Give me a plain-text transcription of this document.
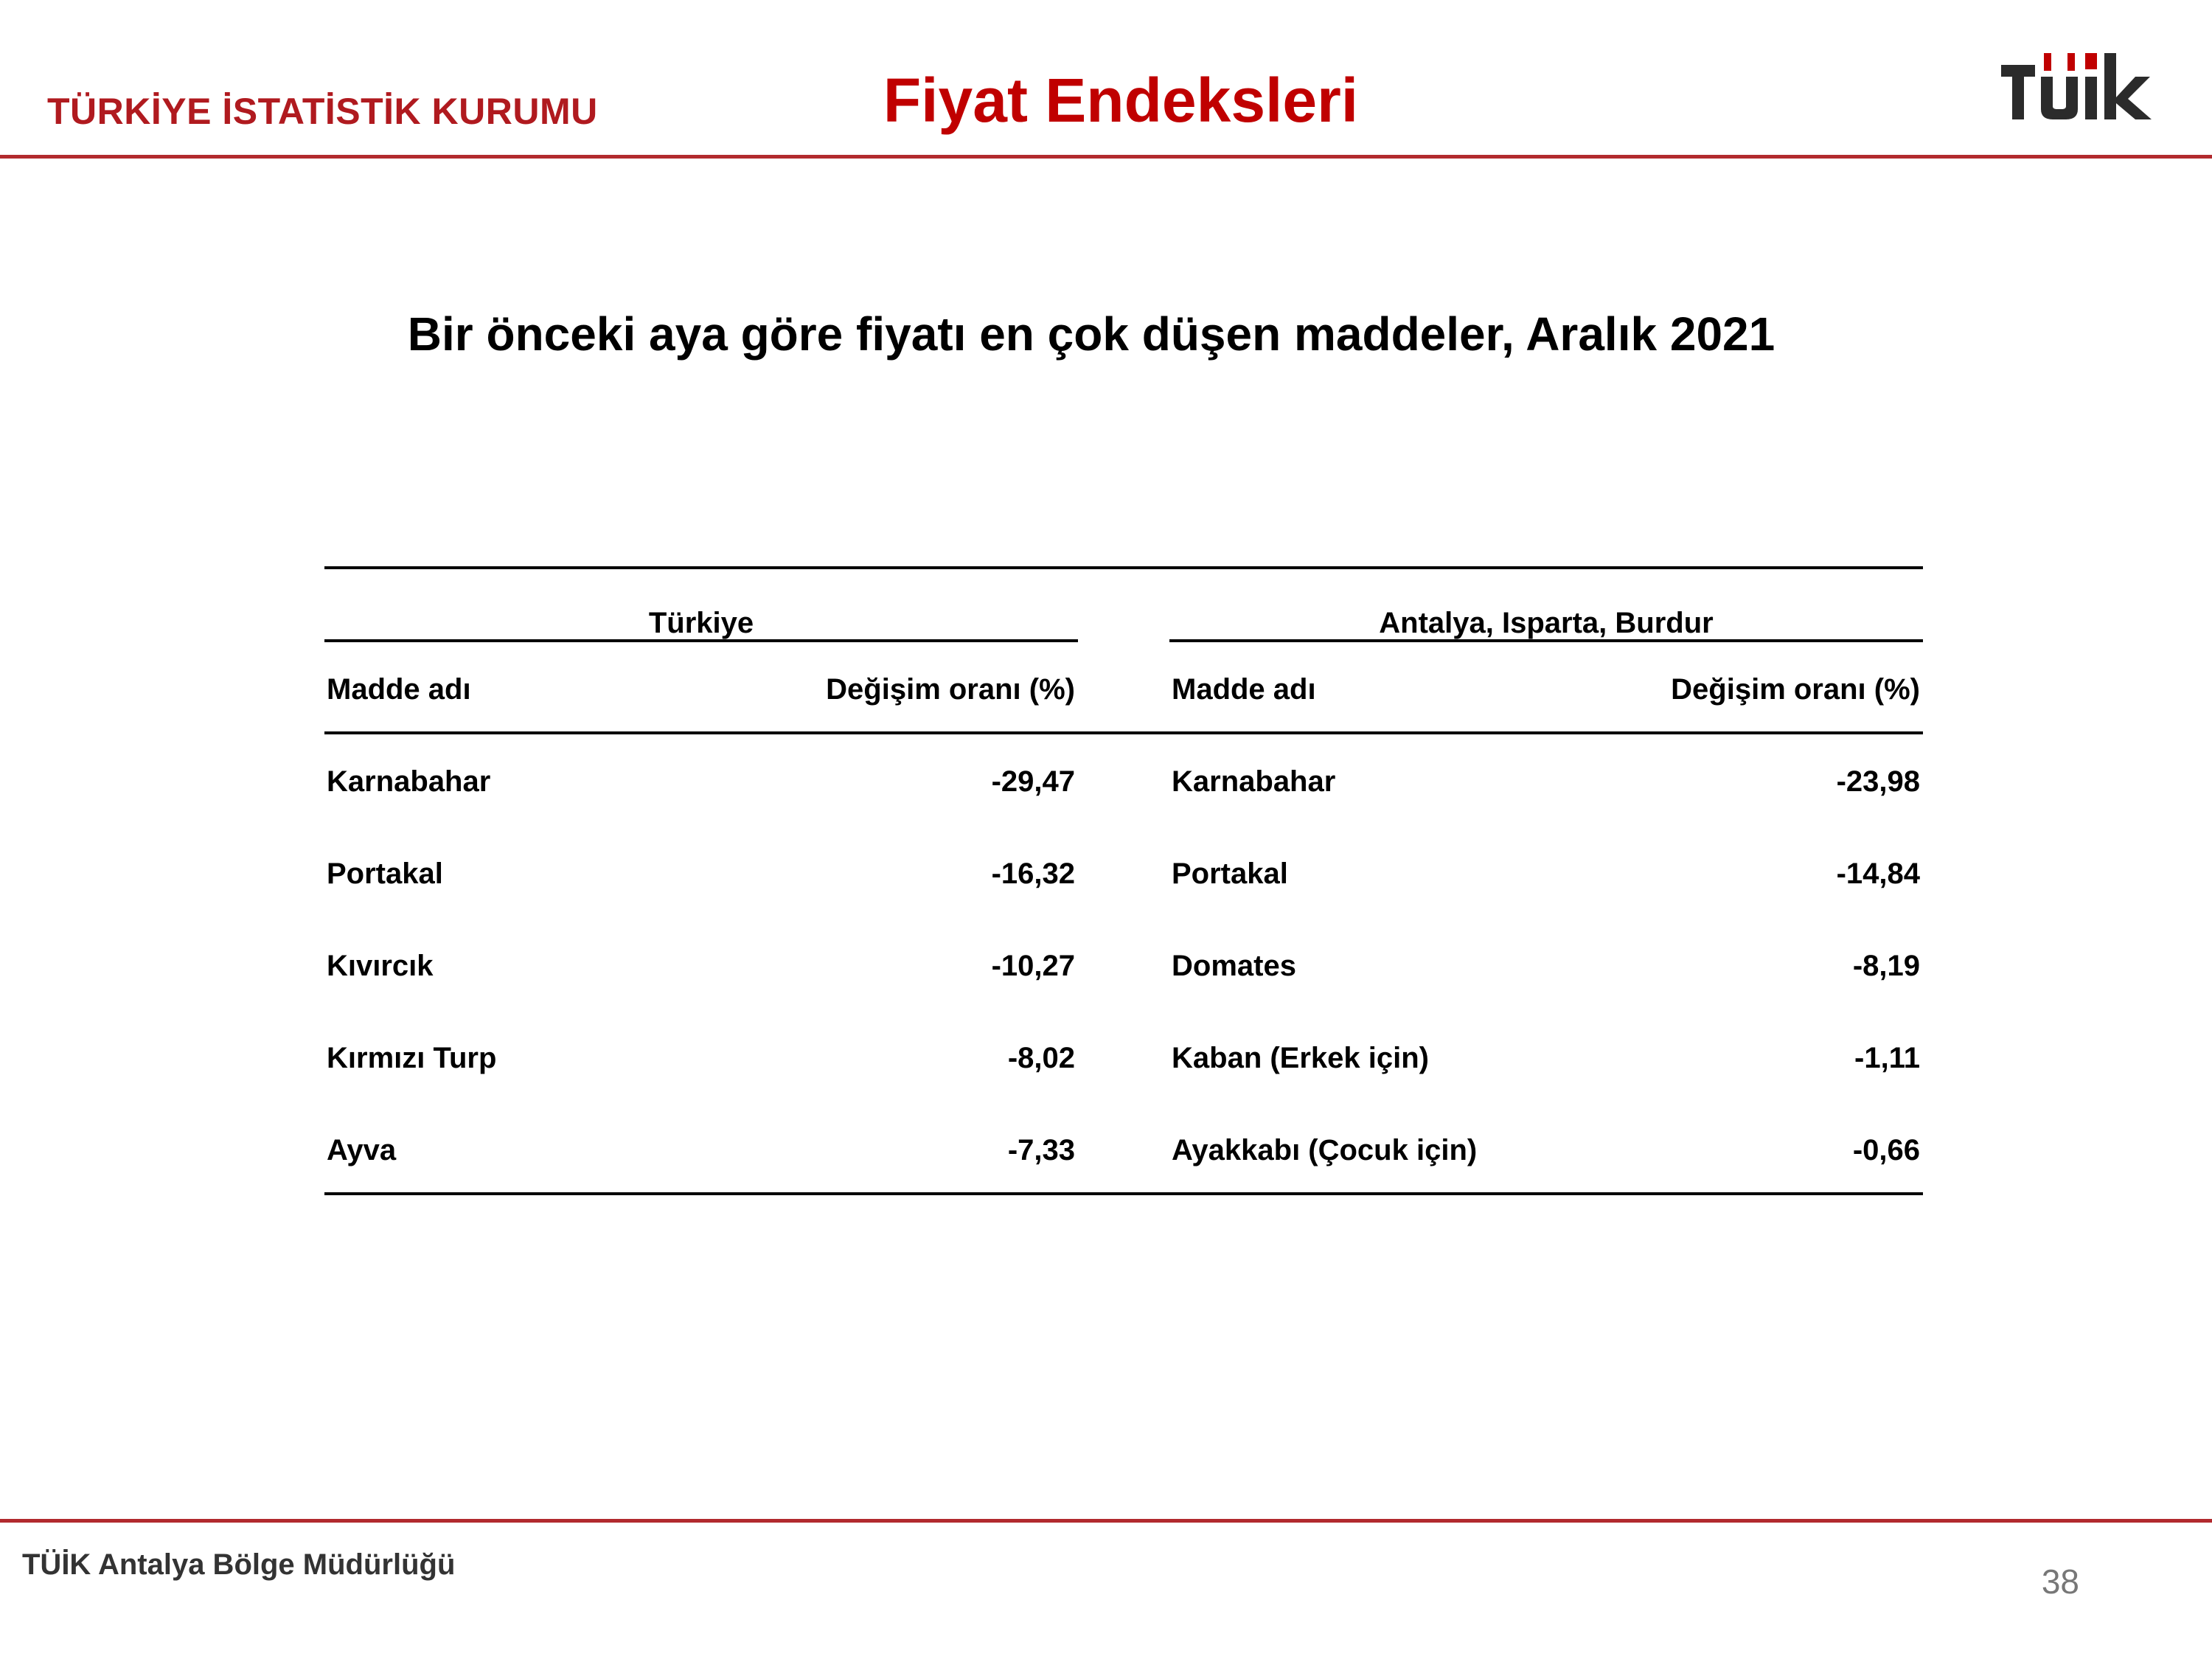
TÜRKİYE İSTATİSTİK KURUMU	Fiyat Endeksleri
Bir önceki aya göre fiyatı en çok düşen maddeler, Aralık 2021
Türkiye	Antalya, Isparta, Burdur
Madde adı	Değişim oranı (%)	Madde adı	Değişim oranı (%)
Karnabahar	-29,47
Portakal	-16,32
Kıvırcık	-10,27
Kırmızı Turp	-8,02
Ayva	-7,33
Karnabahar	-23,98
Portakal	-14,84
Domates	-8,19
Kaban (Erkek için)	-1,11
Ayakkabı (Çocuk için)	-0,66
TÜİK Antalya Bölge Müdürlüğü	38
